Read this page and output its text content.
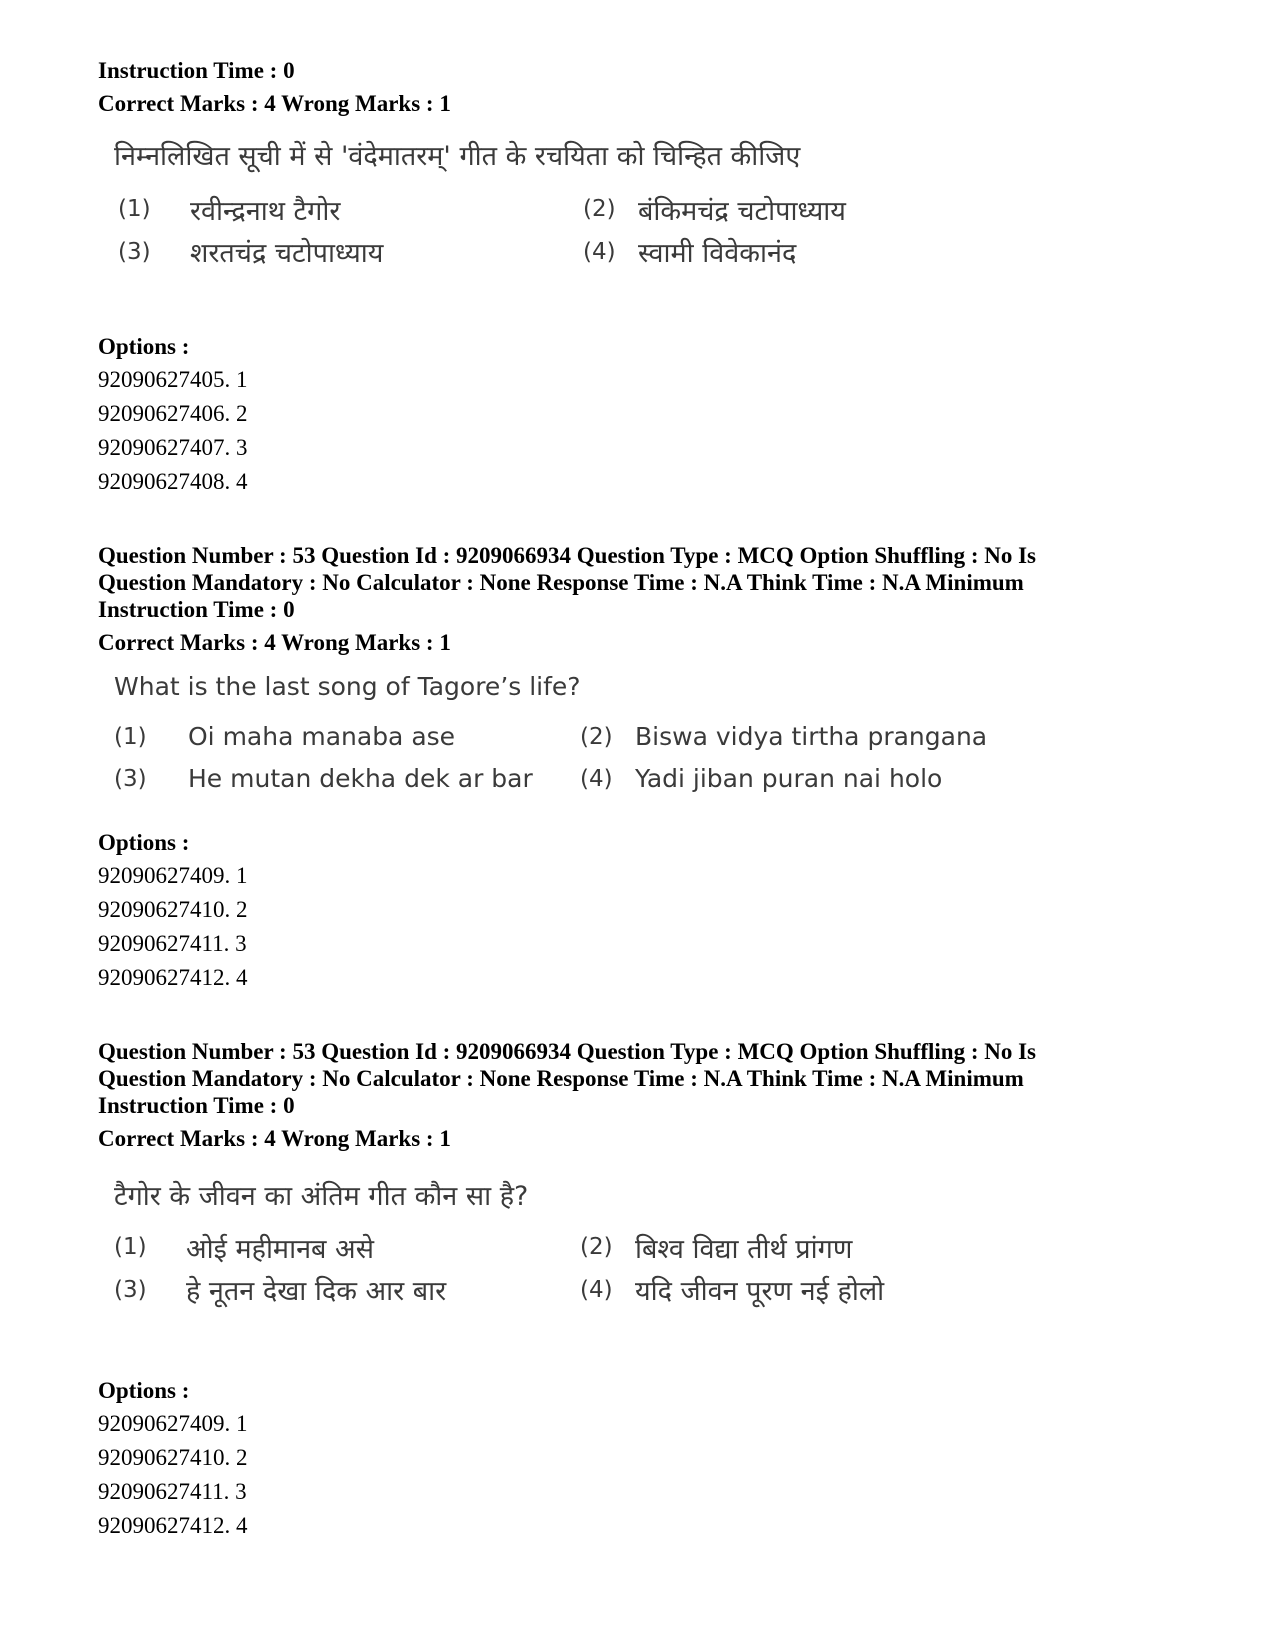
Instruction Time : 0
Correct Marks : 4 Wrong Marks : 1
निम्नलिखित सूची में से 'वंदेमातरम्' गीत के रचयिता को चिन्हित कीजिए
(1) रवीन्द्रनाथ टैगोर	(2) बंकिमचंद्र चटोपाध्याय
(3) शरतचंद्र चटोपाध्याय	(4) स्वामी विवेकानंद
Options :
92090627405. 1
92090627406. 2
92090627407. 3
92090627408. 4
Question Number : 53 Question Id : 9209066934 Question Type : MCQ Option Shuffling : No Is
Question Mandatory : No Calculator : None Response Time : N.A Think Time : N.A Minimum
Instruction Time : 0
Correct Marks : 4 Wrong Marks : 1
What is the last song of Tagore’s life?
(1) Oi maha manaba ase	(2) Biswa vidya tirtha prangana
(3) He mutan dekha dek ar bar (4) Yadi jiban puran nai holo
Options :
92090627409. 1
92090627410. 2
92090627411. 3
92090627412. 4
Question Number : 53 Question Id : 9209066934 Question Type : MCQ Option Shuffling : No Is
Question Mandatory : No Calculator : None Response Time : N.A Think Time : N.A Minimum
Instruction Time : 0
Correct Marks : 4 Wrong Marks : 1
टैगोर के जीवन का अंतिम गीत कौन सा है?
(1) ओई महीमानब असे	(2) बिश्व विद्या तीर्थ प्रांगण
(3) हे नूतन देखा दिक आर बार	(4) यदि जीवन पूरण नई होलो
Options :
92090627409. 1
92090627410. 2
92090627411. 3
92090627412. 4
